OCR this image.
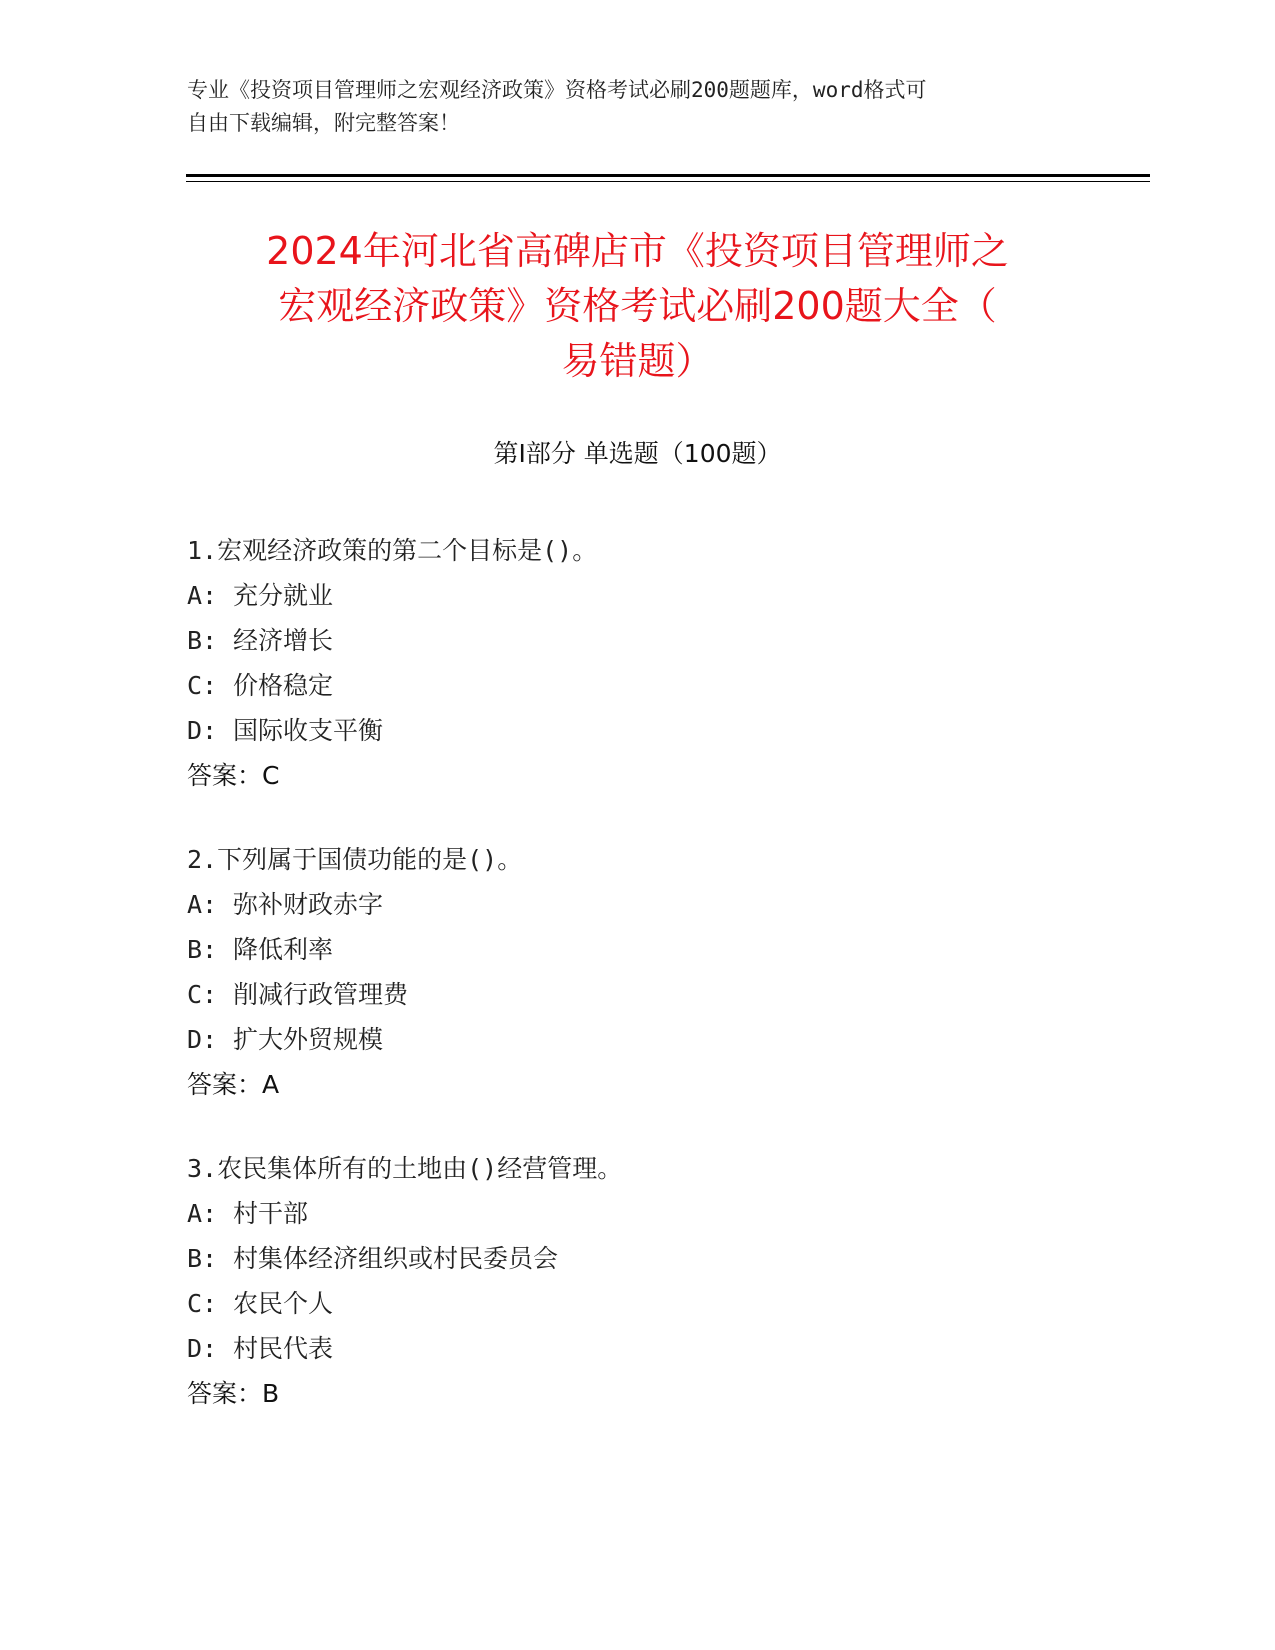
专业《投资项目管理师之宏观经济政策》资格考试必刷200题题库，word格式可
自由下载编辑，附完整答案！
2024年河北省高碑店市《投资项目管理师之
宏观经济政策》资格考试必刷200题大全（
易错题）
第Ⅰ部分 单选题（100题）
1.宏观经济政策的第二个目标是()。
A: 充分就业
B: 经济增长
C: 价格稳定
D: 国际收支平衡
答案：C
2.下列属于国债功能的是()。
A: 弥补财政赤字
B: 降低利率
C: 削减行政管理费
D: 扩大外贸规模
答案：A
3.农民集体所有的土地由()经营管理。
A: 村干部
B: 村集体经济组织或村民委员会
C: 农民个人
D: 村民代表
答案：B
